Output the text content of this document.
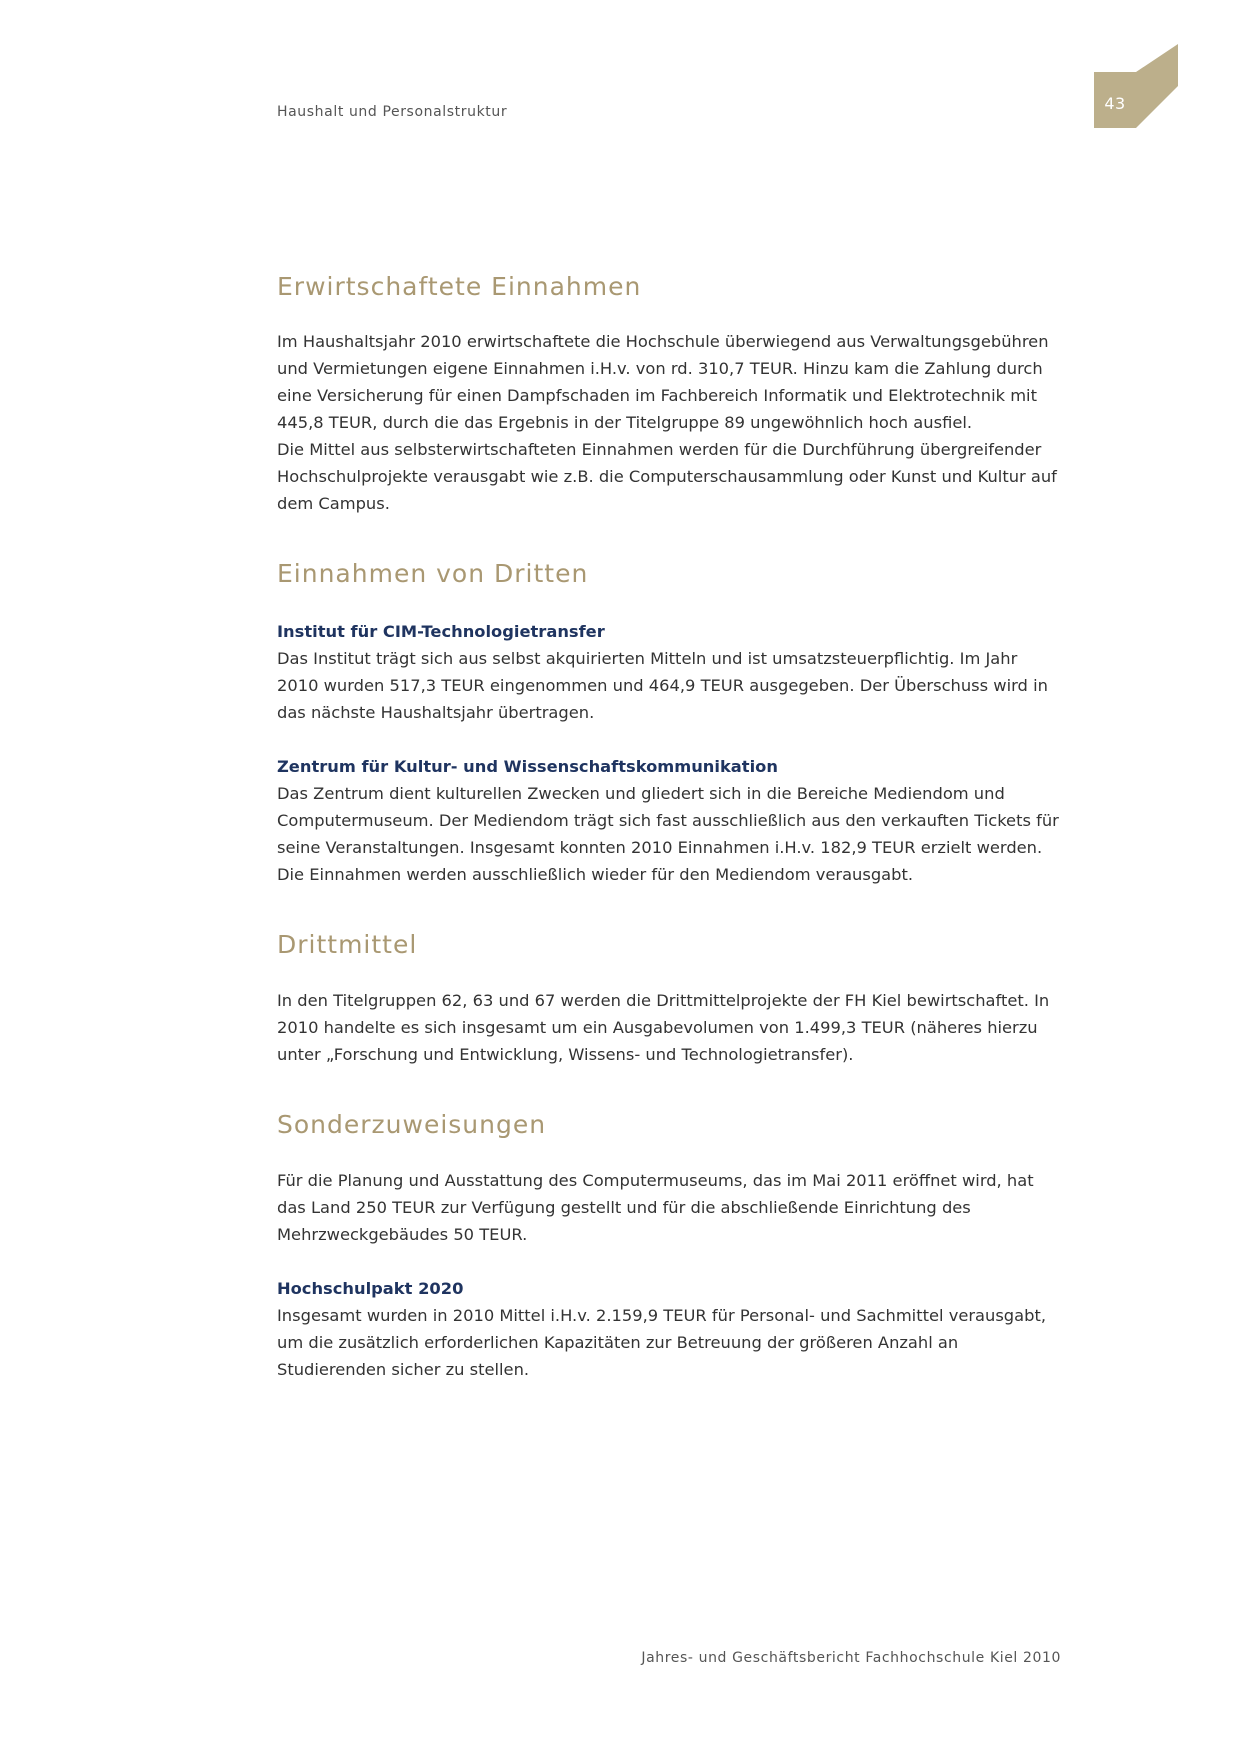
Haushalt und Personalstruktur	43
Erwirtschaftete Einnahmen

Im Haushaltsjahr 2010 erwirtschaftete die Hochschule überwiegend aus Verwaltungsgebühren und Vermietungen eigene Einnahmen i.H.v. von rd. 310,7 TEUR. Hinzu kam die Zahlung durch eine Versicherung für einen Dampfschaden im Fachbereich Informatik und Elektrotechnik mit 445,8 TEUR, durch die das Ergebnis in der Titelgruppe 89 ungewöhnlich hoch ausfiel.

Die Mittel aus selbsterwirtschafteten Einnahmen werden für die Durchführung übergreifender Hochschulprojekte verausgabt wie z.B. die Computerschausammlung oder Kunst und Kultur auf dem Campus.

Einnahmen von Dritten
Institut für CIM-Technologietransfer

Das Institut trägt sich aus selbst akquirierten Mitteln und ist umsatzsteuerpflichtig. Im Jahr 2010 wurden 517,3 TEUR eingenommen und 464,9 TEUR ausgegeben. Der Überschuss wird in das nächste Haushaltsjahr übertragen.

Zentrum für Kultur- und Wissenschaftskommunikation

Das Zentrum dient kulturellen Zwecken und gliedert sich in die Bereiche Mediendom und Computermuseum. Der Mediendom trägt sich fast ausschließlich aus den verkauften Tickets für seine Veranstaltungen. Insgesamt konnten 2010 Einnahmen i.H.v. 182,9 TEUR erzielt werden. Die Einnahmen werden ausschließlich wieder für den Mediendom verausgabt.

Drittmittel

In den Titelgruppen 62, 63 und 67 werden die Drittmittelprojekte der FH Kiel bewirtschaftet. In 2010 handelte es sich insgesamt um ein Ausgabevolumen von 1.499,3 TEUR (näheres hierzu unter „Forschung und Entwicklung, Wissens- und Technologietransfer).

Sonderzuweisungen

Für die Planung und Ausstattung des Computermuseums, das im Mai 2011 eröffnet wird, hat das Land 250 TEUR zur Verfügung gestellt und für die abschließende Einrichtung des Mehrzweckgebäudes 50 TEUR.

Hochschulpakt 2020

Insgesamt wurden in 2010 Mittel i.H.v. 2.159,9 TEUR für Personal- und Sachmittel verausgabt, um die zusätzlich erforderlichen Kapazitäten zur Betreuung der größeren Anzahl an Studierenden sicher zu stellen.

Jahres- und Geschäftsbericht Fachhochschule Kiel 2010
